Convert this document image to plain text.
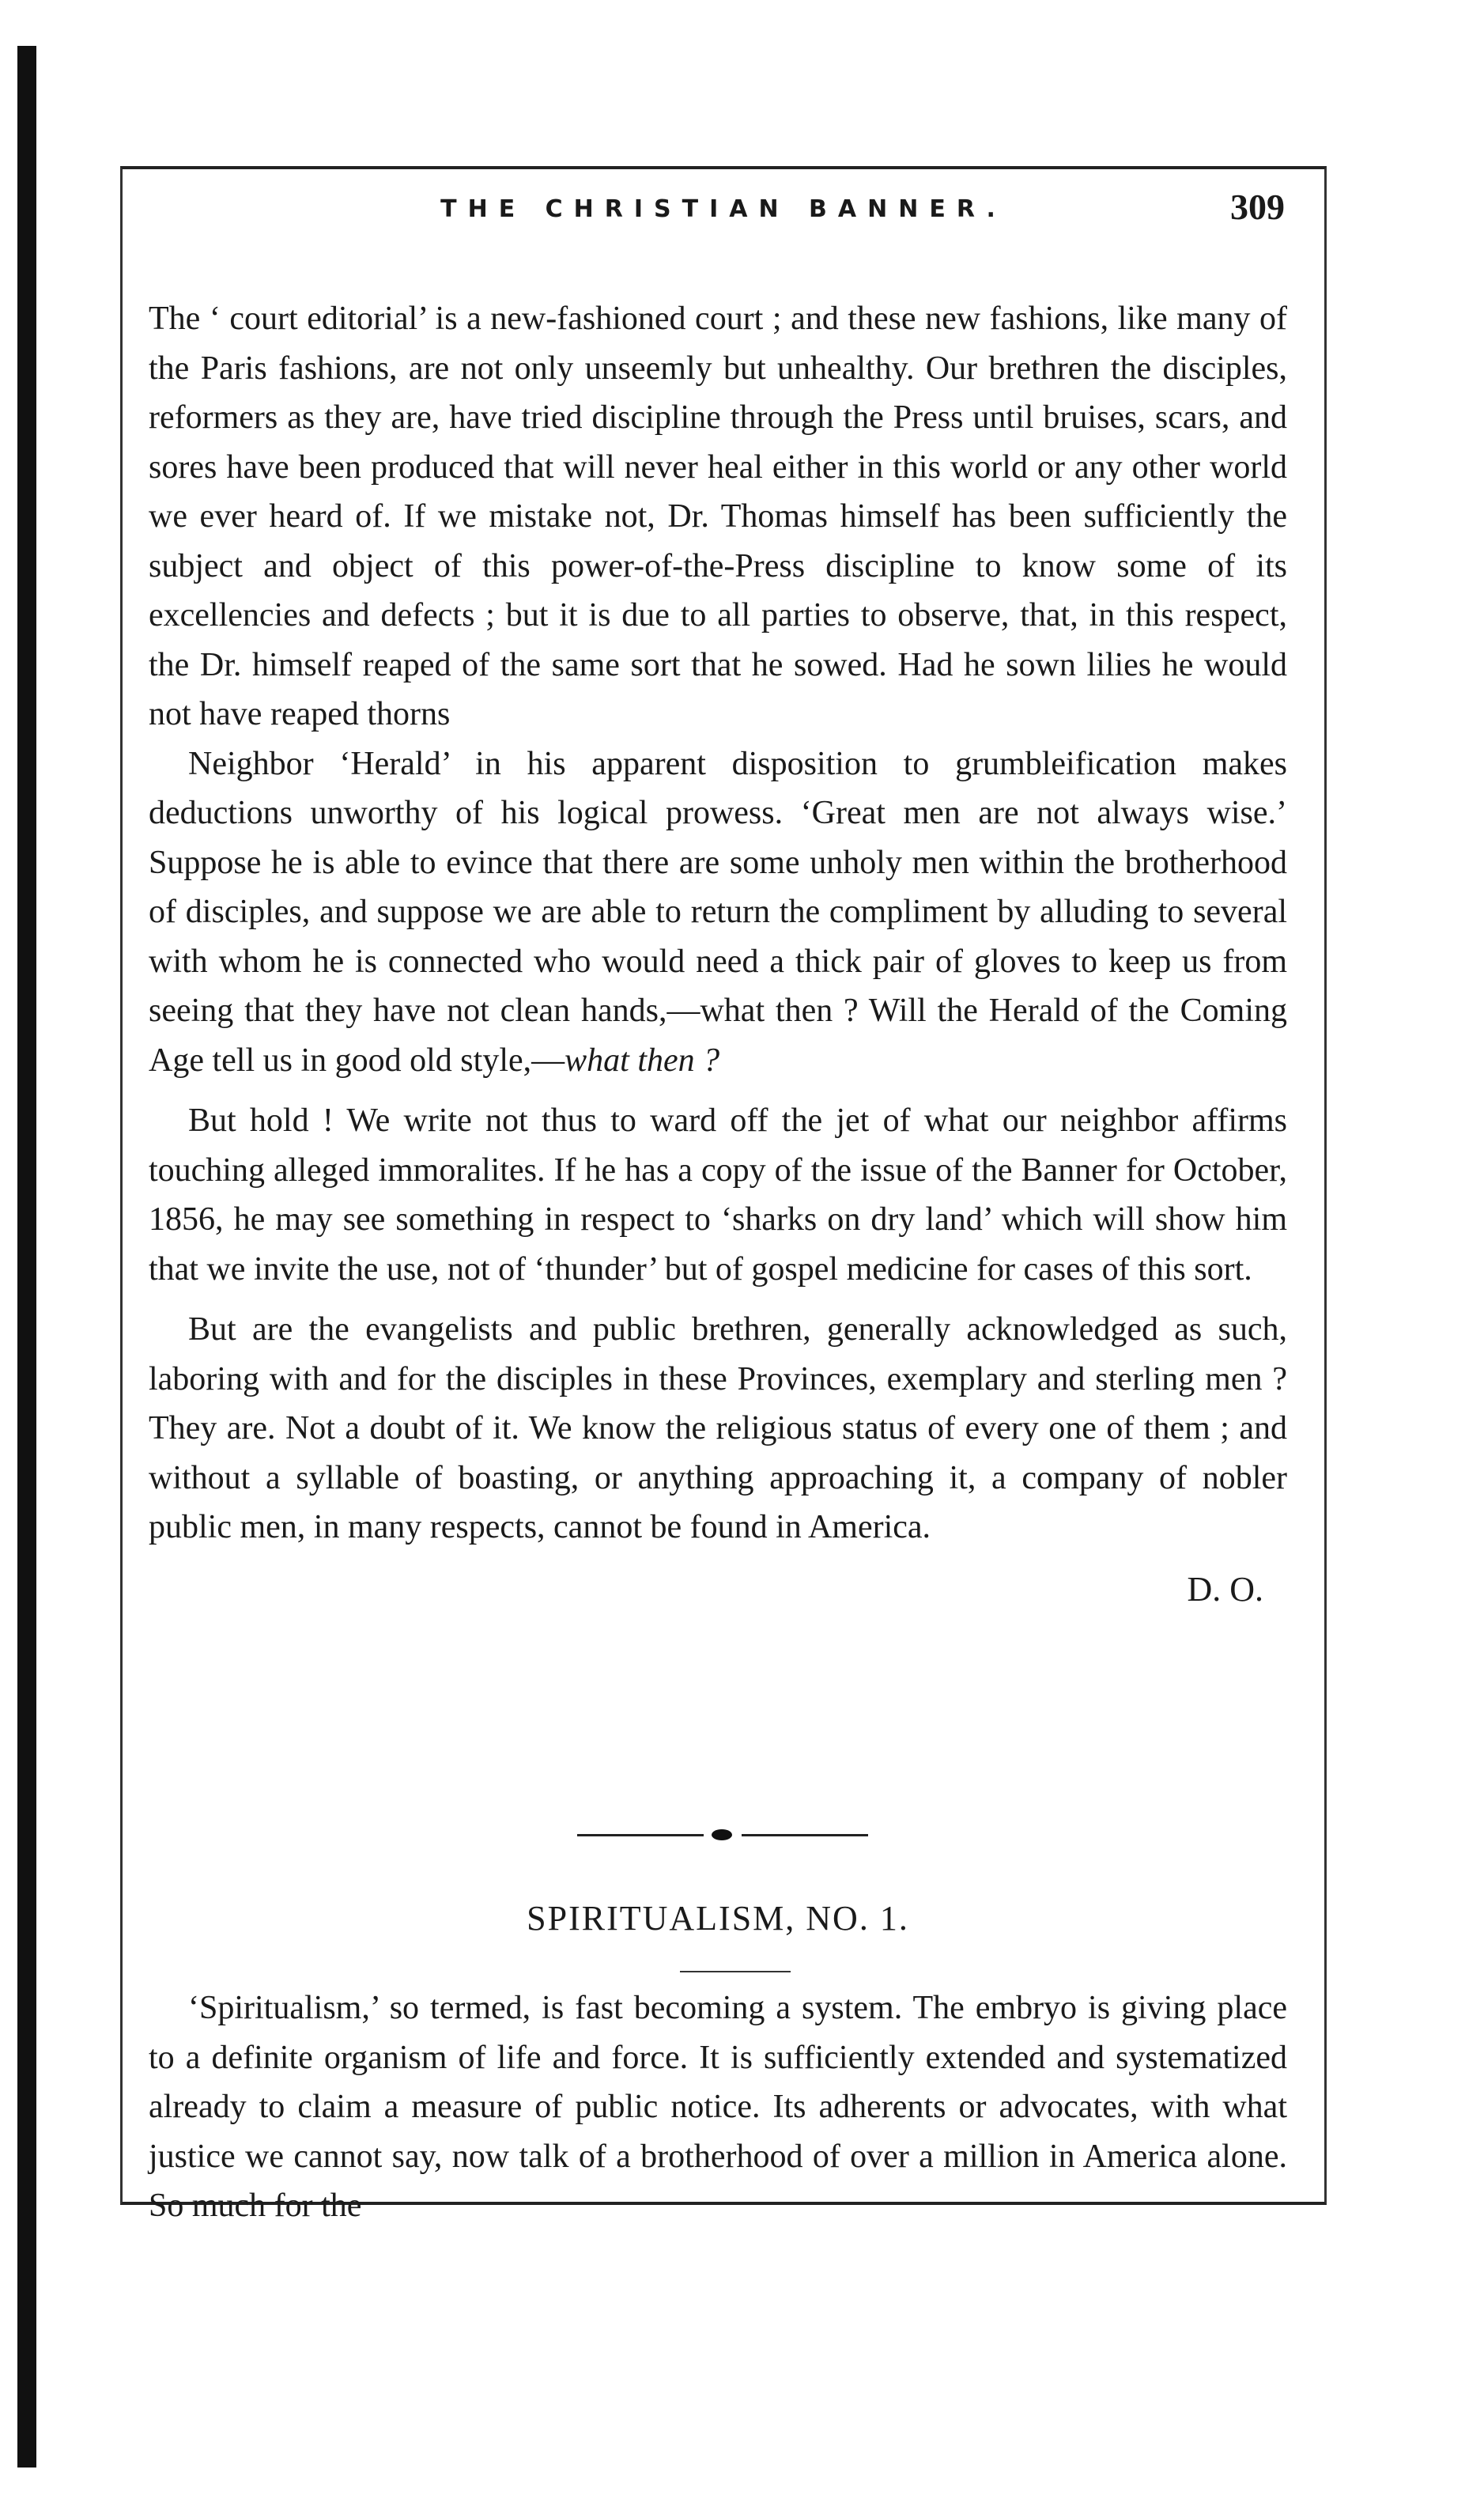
THE CHRISTIAN BANNER.	309

The ‘ court editorial’ is a new-fashioned court ; and these new fashions, like many of the Paris fashions, are not only unseemly but unhealthy. Our brethren the disciples, reformers as they are, have tried discipline through the Press until bruises, scars, and sores have been produced that will never heal either in this world or any other world we ever heard of. If we mistake not, Dr. Thomas himself has been sufficiently the subject and object of this power-of-the-Press discipline to know some of its excellencies and defects ; but it is due to all parties to observe, that, in this respect, the Dr. himself reaped of the same sort that he sowed. Had he sown lilies he would not have reaped thorns

Neighbor ‘Herald’ in his apparent disposition to grumbleification makes deductions unworthy of his logical prowess. ‘Great men are not always wise.’ Suppose he is able to evince that there are some unholy men within the brotherhood of disciples, and suppose we are able to return the compliment by alluding to several with whom he is connected who would need a thick pair of gloves to keep us from seeing that they have not clean hands,—what then ? Will the Herald of the Coming Age tell us in good old style,—what then ?

But hold ! We write not thus to ward off the jet of what our neighbor affirms touching alleged immoralites. If he has a copy of the issue of the Banner for October, 1856, he may see something in respect to ‘sharks on dry land’ which will show him that we invite the use, not of ‘thunder’ but of gospel medicine for cases of this sort.

But are the evangelists and public brethren, generally acknowledged as such, laboring with and for the disciples in these Provinces, exemplary and sterling men ? They are. Not a doubt of it. We know the religious status of every one of them ; and without a syllable of boasting, or anything approaching it, a company of nobler public men, in many respects, cannot be found in America.

D. O.
SPIRITUALISM, NO. 1.

‘Spiritualism,’ so termed, is fast becoming a system. The embryo is giving place to a definite organism of life and force. It is sufficiently extended and systematized already to claim a measure of public notice. Its adherents or advocates, with what justice we cannot say, now talk of a brotherhood of over a million in America alone. So much for the
